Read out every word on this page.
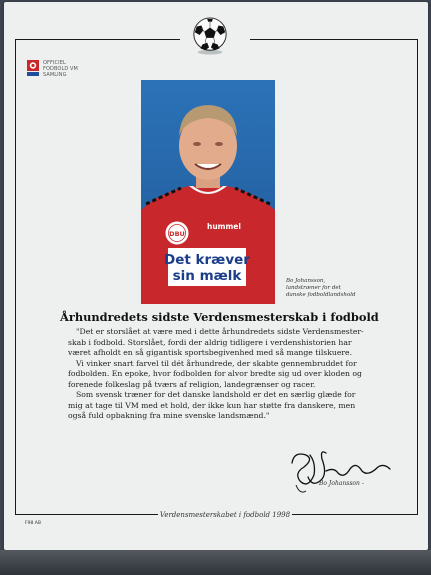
OFFICIEL
FODBOLD VM
SAMLING
DBU
hummel
Det kræver
sin mælk	Bo Johansson,
landstræner for det
danske fodboldlandshold
Århundredets sidste Verdensmesterskab i fodbold

"Det er storslået at være med i dette århundredets sidste Verdensmester-skab i fodbold. Storslået, fordi der aldrig tidligere i verdenshistorien har været afholdt en så gigantisk sportsbegivenhed med så mange tilskuere.

Vi vinker snart farvel til dét århundrede, der skabte gennembruddet for fodbolden. En epoke, hvor fodbolden for alvor bredte sig ud over kloden og forenede folkeslag på tværs af religion, landegrænser og racer.

Som svensk træner for det danske landshold er det en særlig glæde for mig at tage til VM med et hold, der ikke kun har støtte fra danskere, men også fuld opbakning fra mine svenske landsmænd."

Bo Johansson -
Verdensmesterskabet i fodbold 1998
F98 AB
